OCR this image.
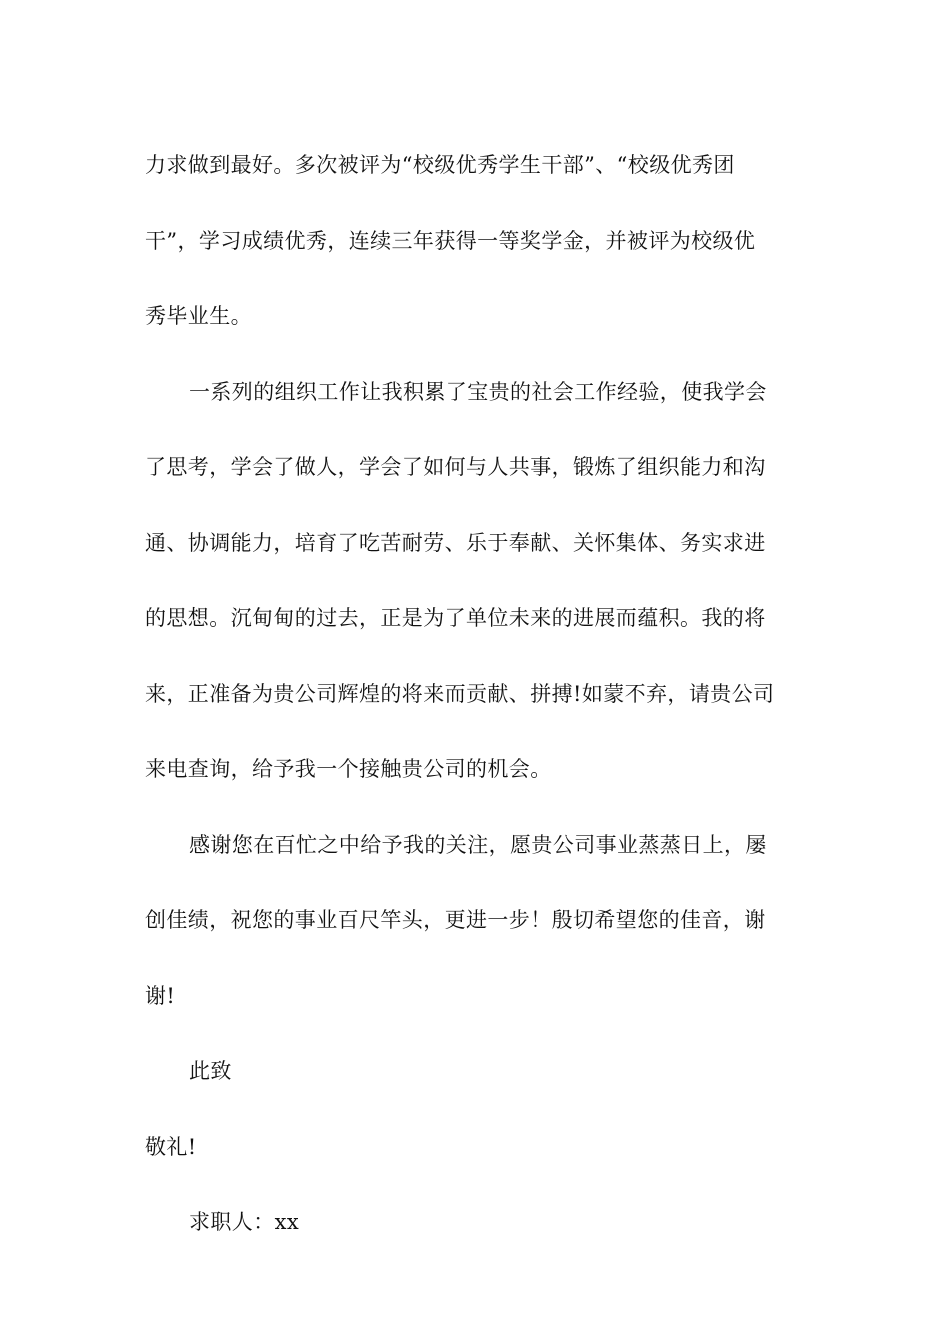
力求做到最好。多次被评为“校级优秀学生干部”、“校级优秀团
干”，学习成绩优秀，连续三年获得一等奖学金，并被评为校级优
秀毕业生。
一系列的组织工作让我积累了宝贵的社会工作经验，使我学会
了思考，学会了做人，学会了如何与人共事，锻炼了组织能力和沟
通、协调能力，培育了吃苦耐劳、乐于奉献、关怀集体、务实求进
的思想。沉甸甸的过去，正是为了单位未来的进展而蕴积。我的将
来，正准备为贵公司辉煌的将来而贡献、拼搏!如蒙不弃，请贵公司
来电查询，给予我一个接触贵公司的机会。
感谢您在百忙之中给予我的关注，愿贵公司事业蒸蒸日上，屡
创佳绩，祝您的事业百尺竿头，更进一步！殷切希望您的佳音，谢
谢!
此致
敬礼!
求职人：xx
